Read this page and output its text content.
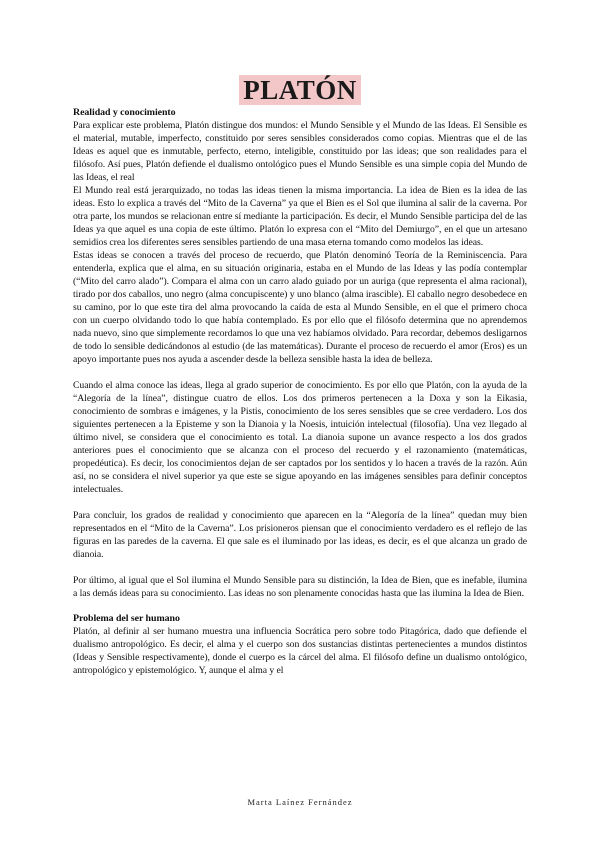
PLATÓN
Realidad y conocimiento

Para explicar este problema, Platón distingue dos mundos: el Mundo Sensible y el Mundo de las Ideas. El Sensible es el material, mutable, imperfecto, constituido por seres sensibles considerados como copias. Mientras que el de las Ideas es aquel que es inmutable, perfecto, eterno, inteligible, constituido por las ideas; que son realidades para el filósofo. Así pues, Platón defiende el dualismo ontológico pues el Mundo Sensible es una simple copia del Mundo de las Ideas, el real

El Mundo real está jerarquizado, no todas las ideas tienen la misma importancia. La idea de Bien es la idea de las ideas. Esto lo explica a través del “Mito de la Caverna” ya que el Bien es el Sol que ilumina al salir de la caverna. Por otra parte, los mundos se relacionan entre sí mediante la participación. Es decir, el Mundo Sensible participa del de las Ideas ya que aquel es una copia de este último. Platón lo expresa con el “Mito del Demiurgo”, en el que un artesano semidios crea los diferentes seres sensibles partiendo de una masa eterna tomando como modelos las ideas.

Estas ideas se conocen a través del proceso de recuerdo, que Platón denominó Teoría de la Reminiscencia. Para entenderla, explica que el alma, en su situación originaria, estaba en el Mundo de las Ideas y las podía contemplar (“Mito del carro alado”). Compara el alma con un carro alado guiado por un auriga (que representa el alma racional), tirado por dos caballos, uno negro (alma concupiscente) y uno blanco (alma irascible). El caballo negro desobedece en su camino, por lo que este tira del alma provocando la caída de esta al Mundo Sensible, en el que el primero choca con un cuerpo olvidando todo lo que había contemplado. Es por ello que el filósofo determina que no aprendemos nada nuevo, sino que simplemente recordamos lo que una vez habíamos olvidado. Para recordar, debemos desligarnos de todo lo sensible dedicándonos al estudio (de las matemáticas). Durante el proceso de recuerdo el amor (Eros) es un apoyo importante pues nos ayuda a ascender desde la belleza sensible hasta la idea de belleza.

Cuando el alma conoce las ideas, llega al grado superior de conocimiento. Es por ello que Platón, con la ayuda de la “Alegoría de la línea”, distingue cuatro de ellos. Los dos primeros pertenecen a la Doxa y son la Eikasia, conocimiento de sombras e imágenes, y la Pistis, conocimiento de los seres sensibles que se cree verdadero. Los dos siguientes pertenecen a la Episteme y son la Dianoia y la Noesis, intuición intelectual (filosofía). Una vez llegado al último nivel, se considera que el conocimiento es total. La dianoia supone un avance respecto a los dos grados anteriores pues el conocimiento que se alcanza con el proceso del recuerdo y el razonamiento (matemáticas, propedéutica). Es decir, los conocimientos dejan de ser captados por los sentidos y lo hacen a través de la razón. Aún así, no se considera el nivel superior ya que este se sigue apoyando en las imágenes sensibles para definir conceptos intelectuales.

Para concluir, los grados de realidad y conocimiento que aparecen en la “Alegoría de la línea” quedan muy bien representados en el “Mito de la Caverna”. Los prisioneros piensan que el conocimiento verdadero es el reflejo de las figuras en las paredes de la caverna. El que sale es el iluminado por las ideas, es decir, es el que alcanza un grado de dianoia.

Por último, al igual que el Sol ilumina el Mundo Sensible para su distinción, la Idea de Bien, que es inefable, ilumina a las demás ideas para su conocimiento. Las ideas no son plenamente conocidas hasta que las ilumina la Idea de Bien.

Problema del ser humano

Platón, al definir al ser humano muestra una influencia Socrática pero sobre todo Pitagórica, dado que defiende el dualismo antropológico. Es decir, el alma y el cuerpo son dos sustancias distintas pertenecientes a mundos distintos (Ideas y Sensible respectivamente), donde el cuerpo es la cárcel del alma. El filósofo define un dualismo ontológico, antropológico y epistemológico. Y, aunque el alma y el

Marta Laínez Fernández
